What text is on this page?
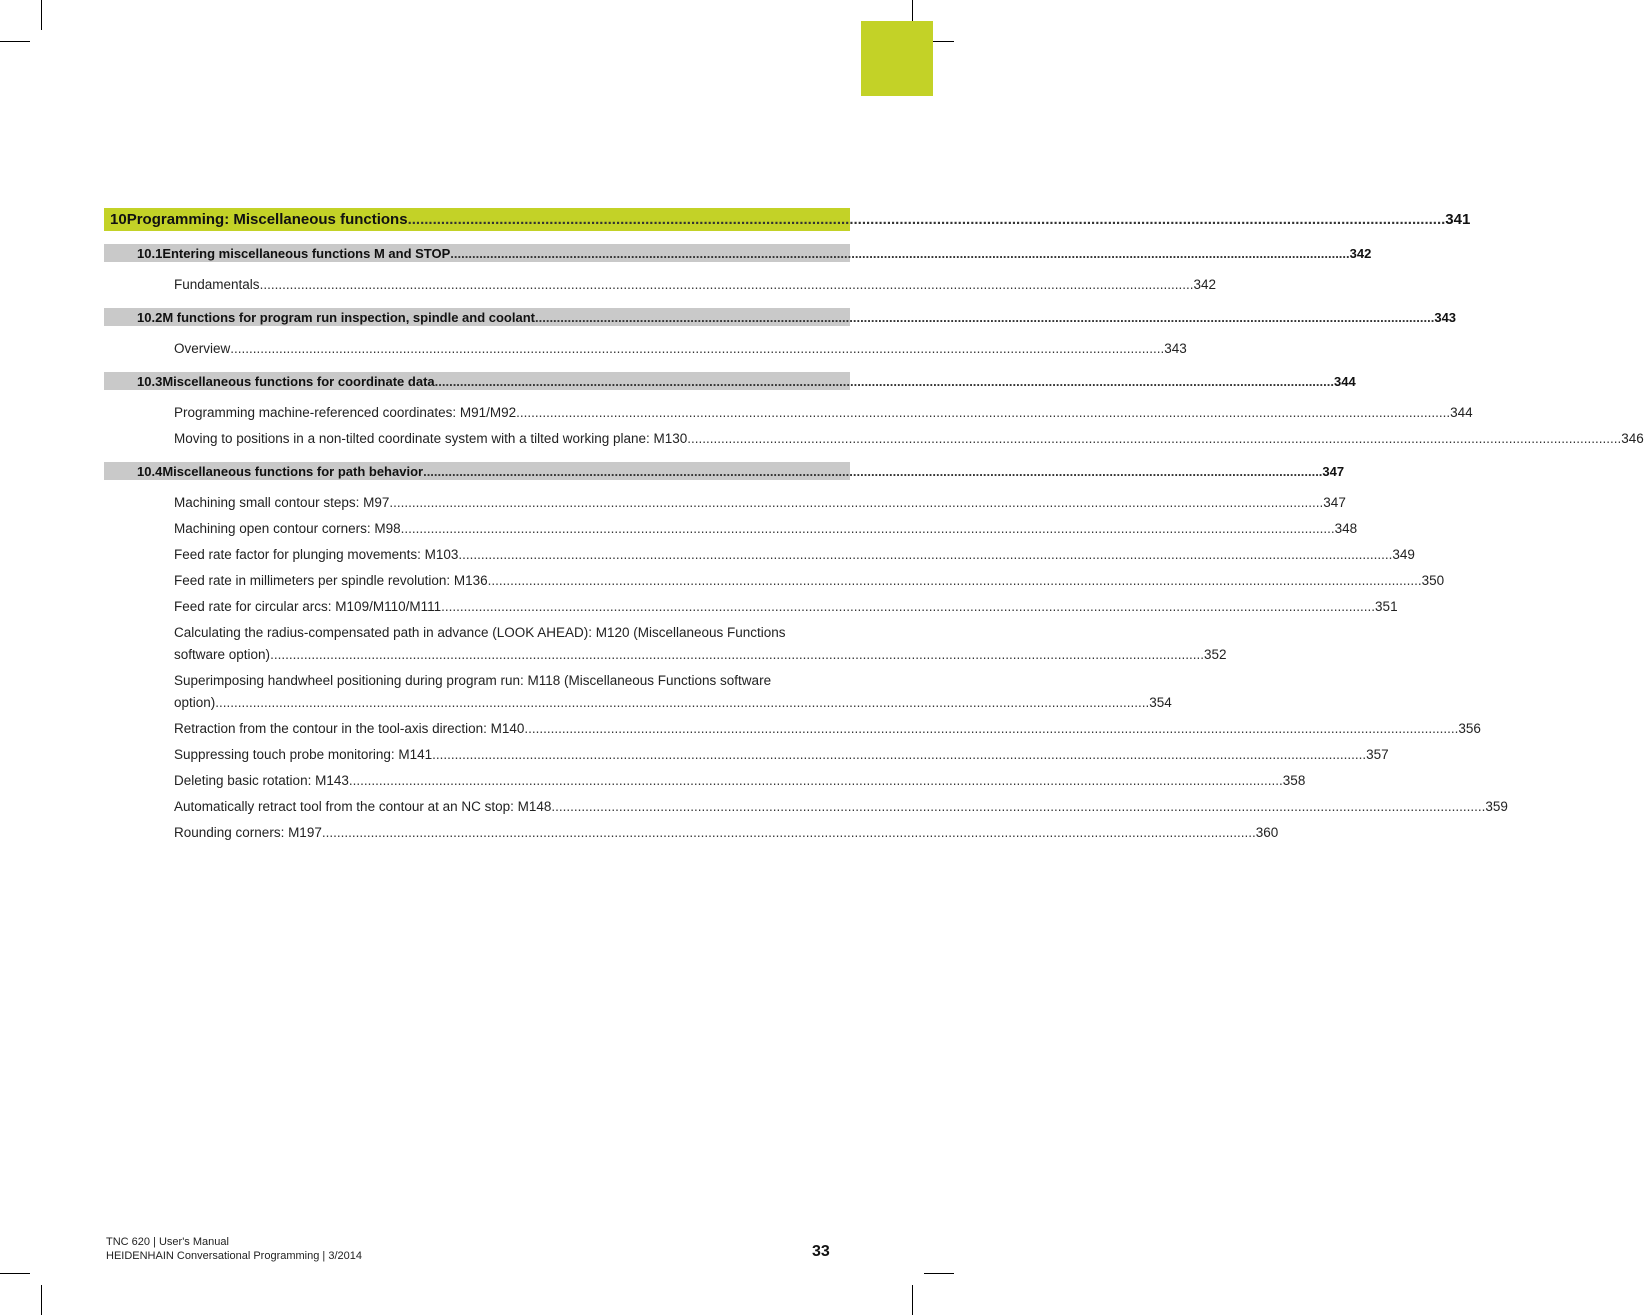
10 Programming: Miscellaneous functions .....	341
10.1 Entering miscellaneous functions M and STOP .....	342
Fundamentals .....	342
10.2 M functions for program run inspection, spindle and coolant .....	343
Overview .....	343
10.3 Miscellaneous functions for coordinate data .....	344
Programming machine-referenced coordinates: M91/M92 .....	344
Moving to positions in a non-tilted coordinate system with a tilted working plane: M130 .....	346
10.4 Miscellaneous functions for path behavior .....	347
Machining small contour steps: M97 .....	347
Machining open contour corners: M98 .....	348
Feed rate factor for plunging movements: M103 .....	349
Feed rate in millimeters per spindle revolution: M136 .....	350
Feed rate for circular arcs: M109/M110/M111 .....	351
Calculating the radius-compensated path in advance (LOOK AHEAD): M120 (Miscellaneous Functions
software option) .....	352
Superimposing handwheel positioning during program run: M118 (Miscellaneous Functions software
option) .....	354
Retraction from the contour in the tool-axis direction: M140 .....	356
Suppressing touch probe monitoring: M141 .....	357
Deleting basic rotation: M143 .....	358
Automatically retract tool from the contour at an NC stop: M148 .....	359
Rounding corners: M197 .....	360
TNC 620 | User's Manual
HEIDENHAIN Conversational Programming | 3/2014	33
